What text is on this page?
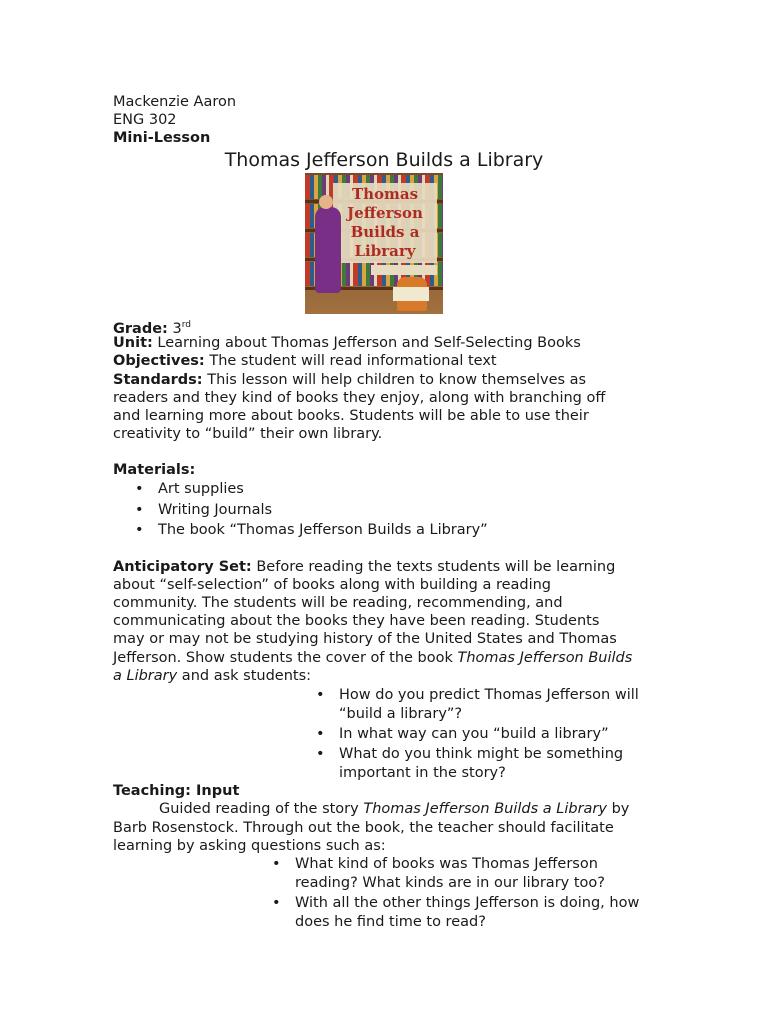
Mackenzie Aaron
ENG 302
Mini-Lesson
Thomas Jefferson Builds a Library
Thomas
Jefferson
Builds a
Library
Grade: 3rd
Unit: Learning about Thomas Jefferson and Self-Selecting Books
Objectives: The student will read informational text
Standards: This lesson will help children to know themselves as
readers and they kind of books they enjoy, along with branching off
and learning more about books. Students will be able to use their
creativity to “build” their own library.
Materials:
• Art supplies
• Writing Journals
• The book “Thomas Jefferson Builds a Library”
Anticipatory Set: Before reading the texts students will be learning
about “self-selection” of books along with building a reading
community. The students will be reading, recommending, and
communicating about the books they have been reading. Students
may or may not be studying history of the United States and Thomas
Jefferson. Show students the cover of the book Thomas Jefferson Builds
a Library and ask students:
• How do you predict Thomas Jefferson will
“build a library”?
• In what way can you “build a library”
• What do you think might be something
important in the story?
Teaching: Input
Guided reading of the story Thomas Jefferson Builds a Library by
Barb Rosenstock. Through out the book, the teacher should facilitate
learning by asking questions such as:
• What kind of books was Thomas Jefferson
reading? What kinds are in our library too?
• With all the other things Jefferson is doing, how
does he find time to read?
